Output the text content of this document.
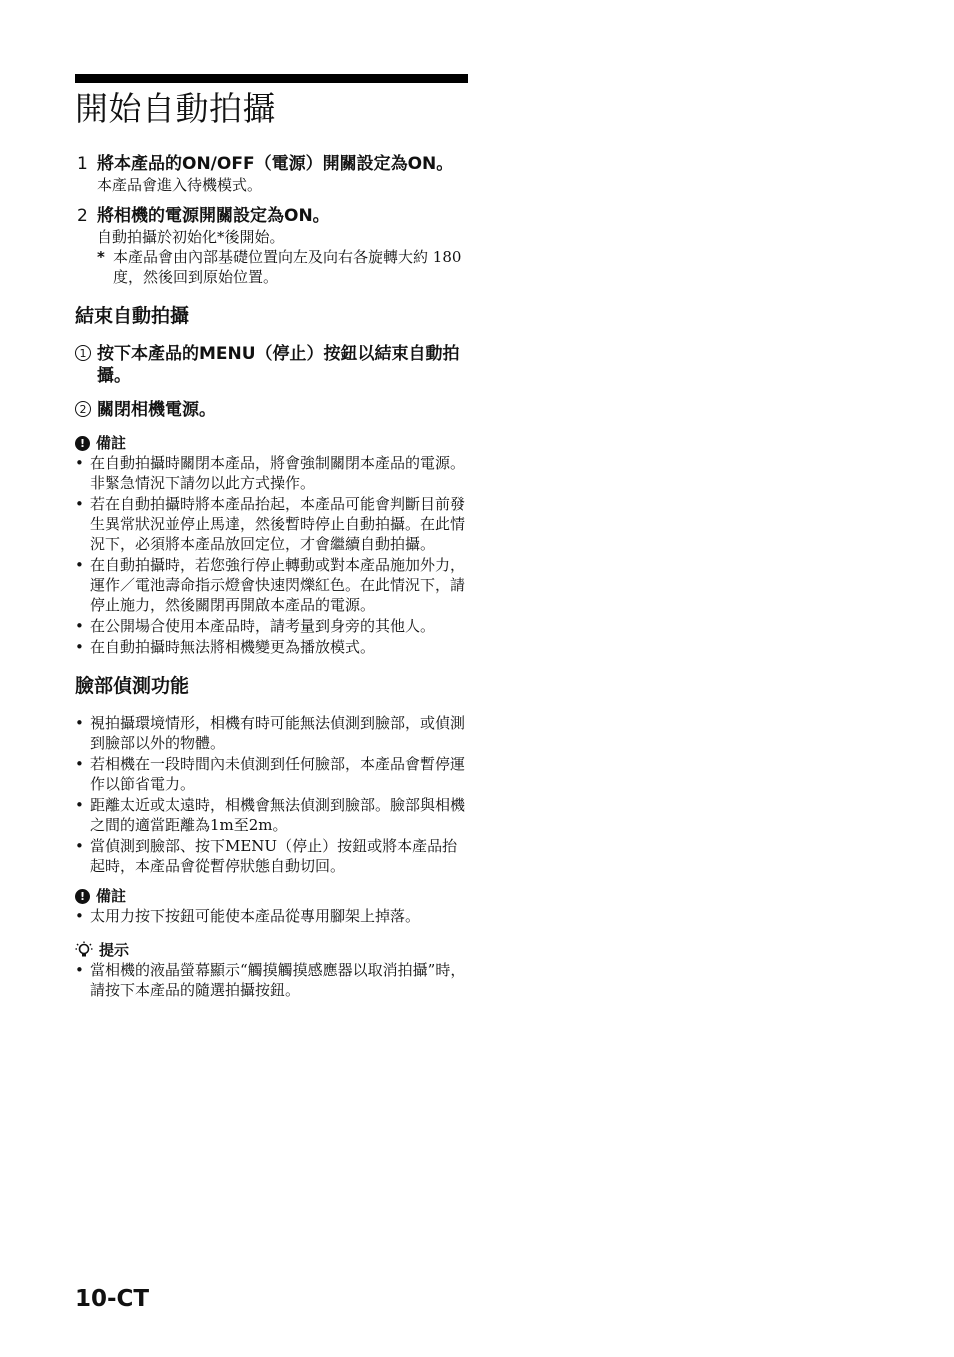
開始自動拍攝
1 將本產品的ON/OFF（電源）開關設定為ON。
本產品會進入待機模式。
2 將相機的電源開關設定為ON。
自動拍攝於初始化*後開始。
* 本產品會由內部基礎位置向左及向右各旋轉大約 180 度，然後回到原始位置。
結束自動拍攝
1 按下本產品的MENU（停止）按鈕以結束自動拍攝。
2 關閉相機電源。
! 備註
• 在自動拍攝時關閉本產品，將會強制關閉本產品的電源。非緊急情況下請勿以此方式操作。
• 若在自動拍攝時將本產品抬起，本產品可能會判斷目前發生異常狀況並停止馬達，然後暫時停止自動拍攝。在此情況下，必須將本產品放回定位，才會繼續自動拍攝。
• 在自動拍攝時，若您強行停止轉動或對本產品施加外力，運作／電池壽命指示燈會快速閃爍紅色。在此情況下，請停止施力，然後關閉再開啟本產品的電源。
• 在公開場合使用本產品時，請考量到身旁的其他人。
• 在自動拍攝時無法將相機變更為播放模式。
臉部偵測功能
• 視拍攝環境情形，相機有時可能無法偵測到臉部，或偵測到臉部以外的物體。
• 若相機在一段時間內未偵測到任何臉部，本產品會暫停運作以節省電力。
• 距離太近或太遠時，相機會無法偵測到臉部。臉部與相機之間的適當距離為1m至2m。
• 當偵測到臉部、按下MENU（停止）按鈕或將本產品抬起時，本產品會從暫停狀態自動切回。
! 備註
• 太用力按下按鈕可能使本產品從專用腳架上掉落。
提示
• 當相機的液晶螢幕顯示“觸摸觸摸感應器以取消拍攝”時，請按下本產品的隨選拍攝按鈕。
10-CT
